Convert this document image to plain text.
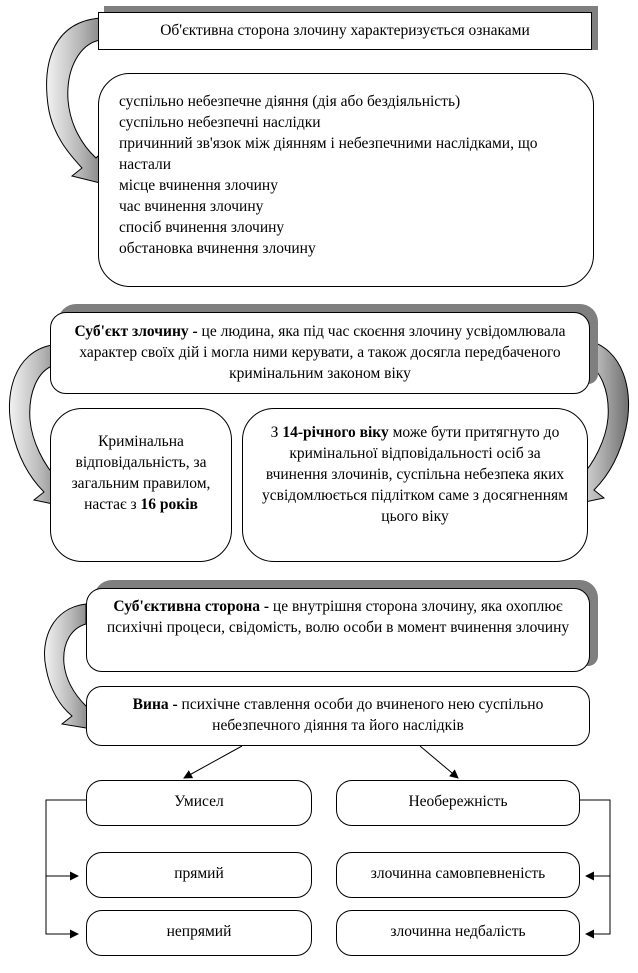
Об'єктивна сторона злочину характеризується ознаками
суспільно небезпечне діяння (дія або бездіяльність)
суспільно небезпечні наслідки
причинний зв'язок між діянням і небезпечними наслідками, що настали
місце вчинення злочину
час вчинення злочину
спосіб вчинення злочину
обстановка вчинення злочину
Суб'єкт злочину - це людина, яка під час скоєння злочину усвідомлювала характер своїх дій і могла ними керувати, а також досягла передбаченого кримінальним законом віку
Кримінальна відповідальність, за загальним правилом, настає з 16 років
З 14-річного віку може бути притягнуто до кримінальної відповідальності осіб за вчинення злочинів, суспільна небезпека яких усвідомлюється підлітком саме з досягненням цього віку
Суб'єктивна сторона - це внутрішня сторона злочину, яка охоплює психічні процеси, свідомість, волю особи в момент вчинення злочину
Вина - психічне ставлення особи до вчиненого нею суспільно небезпечного діяння та його наслідків
Умисел	Необережність
прямий	злочинна самовпевненість
непрямий	злочинна недбалість
